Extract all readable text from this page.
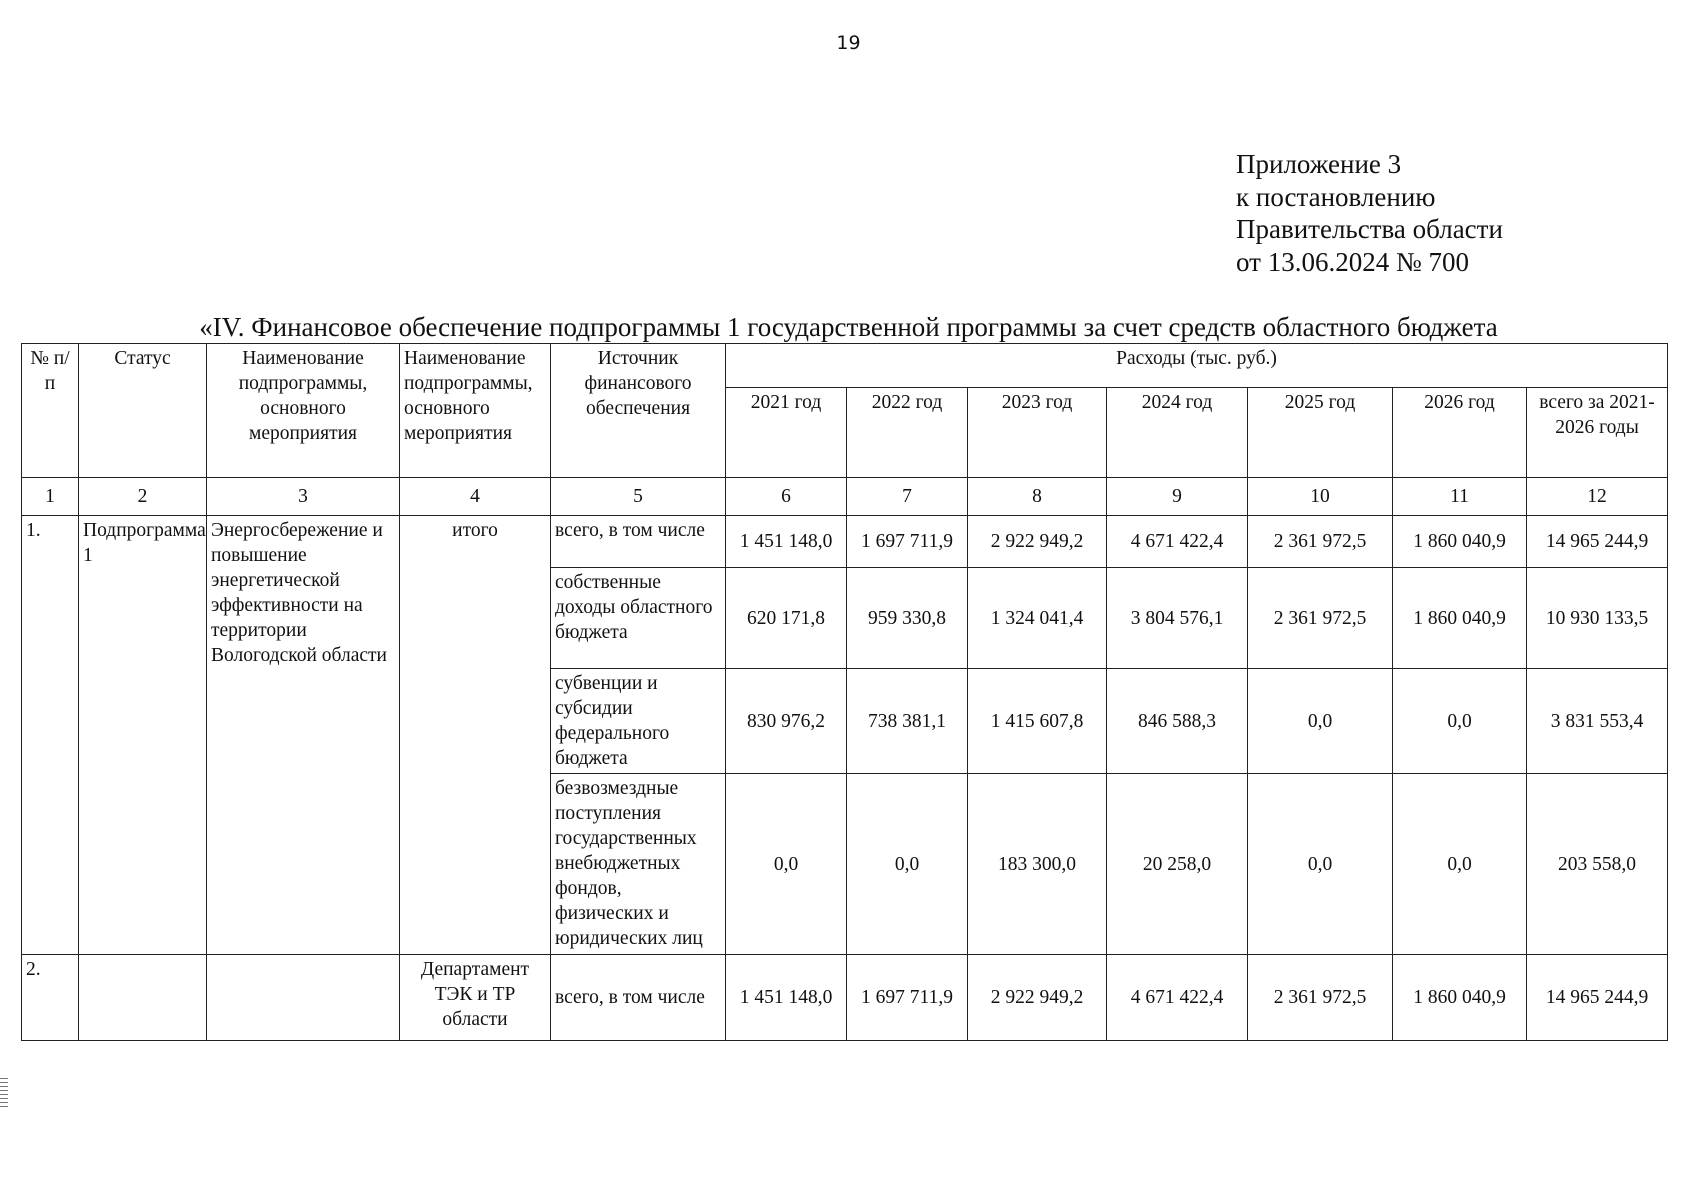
19
Приложение 3
к постановлению
Правительства области
от 13.06.2024 № 700
«IV. Финансовое обеспечение подпрограммы 1 государственной программы за счет средств областного бюджета
№ п/п	Статус	Наименование подпрограммы, основного мероприятия	Наименование подпрограммы, основного мероприятия	Источник финансового обеспечения	Расходы (тыс. руб.)						
					2021 год	2022 год	2023 год	2024 год	2025 год	2026 год	всего за 2021-2026 годы
1	2	3	4	5	6	7	8	9	10	11	12
1.	Подпрограмма 1	Энергосбережение и повышение энергетической эффективности на территории Вологодской области	итого	всего, в том числе	1 451 148,0	1 697 711,9	2 922 949,2	4 671 422,4	2 361 972,5	1 860 040,9	14 965 244,9
				собственные доходы областного бюджета	620 171,8	959 330,8	1 324 041,4	3 804 576,1	2 361 972,5	1 860 040,9	10 930 133,5
				субвенции и субсидии федерального бюджета	830 976,2	738 381,1	1 415 607,8	846 588,3	0,0	0,0	3 831 553,4
				безвозмездные поступления государственных внебюджетных фондов, физических и юридических лиц	0,0	0,0	183 300,0	20 258,0	0,0	0,0	203 558,0
2.			Департамент ТЭК и ТР области	всего, в том числе	1 451 148,0	1 697 711,9	2 922 949,2	4 671 422,4	2 361 972,5	1 860 040,9	14 965 244,9
